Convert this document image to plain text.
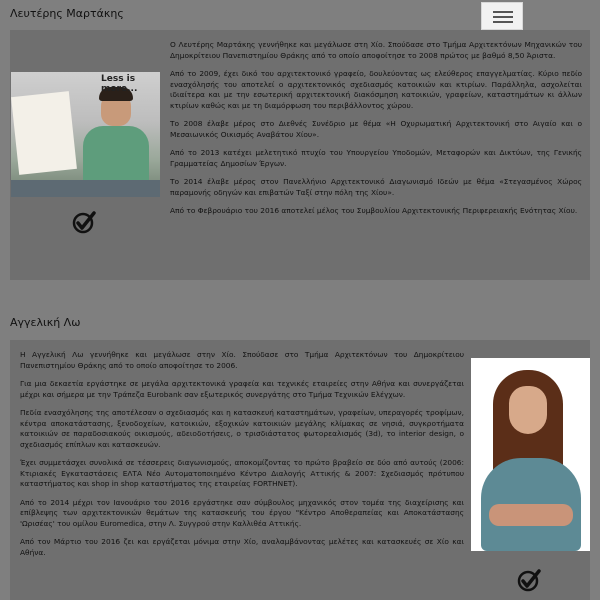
Λευτέρης Μαρτάκης
Less is more...

Ο Λευτέρης Μαρτάκης γεννήθηκε και μεγάλωσε στη Χίο. Σπούδασε στο Τμήμα Αρχιτεκτόνων Μηχανικών του Δημοκρίτειου Πανεπιστημίου Θράκης από το οποίο αποφοίτησε το 2008 πρώτος με βαθμό 8,50 Άριστα.

Από το 2009, έχει δικό του αρχιτεκτονικό γραφείο, δουλεύοντας ως ελεύθερος επαγγελματίας. Κύριο πεδίο ενασχόλησής του αποτελεί ο αρχιτεκτονικός σχεδιασμός κατοικιών και κτιρίων. Παράλληλα, ασχολείται ιδιαίτερα και με την εσωτερική αρχιτεκτονική διακόσμηση κατοικιών, γραφείων, καταστημάτων κι άλλων κτιρίων καθώς και με τη διαμόρφωση του περιβάλλοντος χώρου.

Το 2008 έλαβε μέρος στο Διεθνές Συνέδριο με θέμα «Η Οχυρωματική Αρχιτεκτονική στο Αιγαίο και ο Μεσαιωνικός Οικισμός Αναβάτου Χίου».

Από το 2013 κατέχει μελετητικό πτυχίο του Υπουργείου Υποδομών, Μεταφορών και Δικτύων, της Γενικής Γραμματείας Δημοσίων Έργων.

Το 2014 έλαβε μέρος στον Πανελλήνιο Αρχιτεκτονικό Διαγωνισμό Ιδεών με θέμα «Στεγασμένος Χώρος παραμονής οδηγών και επιβατών Ταξί στην πόλη της Χίου».

Από το Φεβρουάριο του 2016 αποτελεί μέλος του Συμβουλίου Αρχιτεκτονικής Περιφερειακής Ενότητας Χίου.

Αγγελική Λω

Η Αγγελική Λω γεννήθηκε και μεγάλωσε στην Χίο. Σπούδασε στο Τμήμα Αρχιτεκτόνων του Δημοκρίτειου Πανεπιστημίου Θράκης από το οποίο αποφοίτησε το 2006.

Για μια δεκαετία εργάστηκε σε μεγάλα αρχιτεκτονικά γραφεία και τεχνικές εταιρείες στην Αθήνα και συνεργάζεται μέχρι και σήμερα με την Τράπεζα Eurobank σαν εξωτερικός συνεργάτης στο Τμήμα Τεχνικών Ελέγχων.

Πεδία ενασχόλησης της αποτέλεσαν ο σχεδιασμός και η κατασκευή καταστημάτων, γραφείων, υπεραγορές τροφίμων, κέντρα αποκατάστασης, ξενοδοχείων, κατοικιών, εξοχικών κατοικιών μεγάλης κλίμακας σε νησιά, συγκροτήματα κατοικιών σε παραδοσιακούς οικισμούς, αδειοδοτήσεις, ο τρισδιάστατος φωτορεαλισμός (3d), το interior design, ο σχεδιασμός επίπλων και κατασκευών.

Έχει συμμετάσχει συνολικά σε τέσσερεις διαγωνισμούς, αποκομίζοντας το πρώτο βραβείο σε δύο από αυτούς (2006: Κτιριακές Εγκαταστάσεις ΕΛΤΑ Νέο Αυτοματοποιημένο Κέντρο Διαλογής Αττικής & 2007: Σχεδιασμός πρότυπου καταστήματος και shop in shop καταστήματος της εταιρείας FORTHNET).

Από το 2014 μέχρι τον Ιανουάριο του 2016 εργάστηκε σαν σύμβουλος μηχανικός στον τομέα της διαχείρισης και επίβλεψης των αρχιτεκτονικών θεμάτων της κατασκευής του έργου "Κέντρο Αποθεραπείας και Αποκατάστασης 'Ωρισέας' του ομίλου Euromedica, στην Λ. Συγγρού στην Καλλιθέα Αττικής.

Από τον Μάρτιο του 2016 ζει και εργάζεται μόνιμα στην Χίο, αναλαμβάνοντας μελέτες και κατασκευές σε Χίο και Αθήνα.
